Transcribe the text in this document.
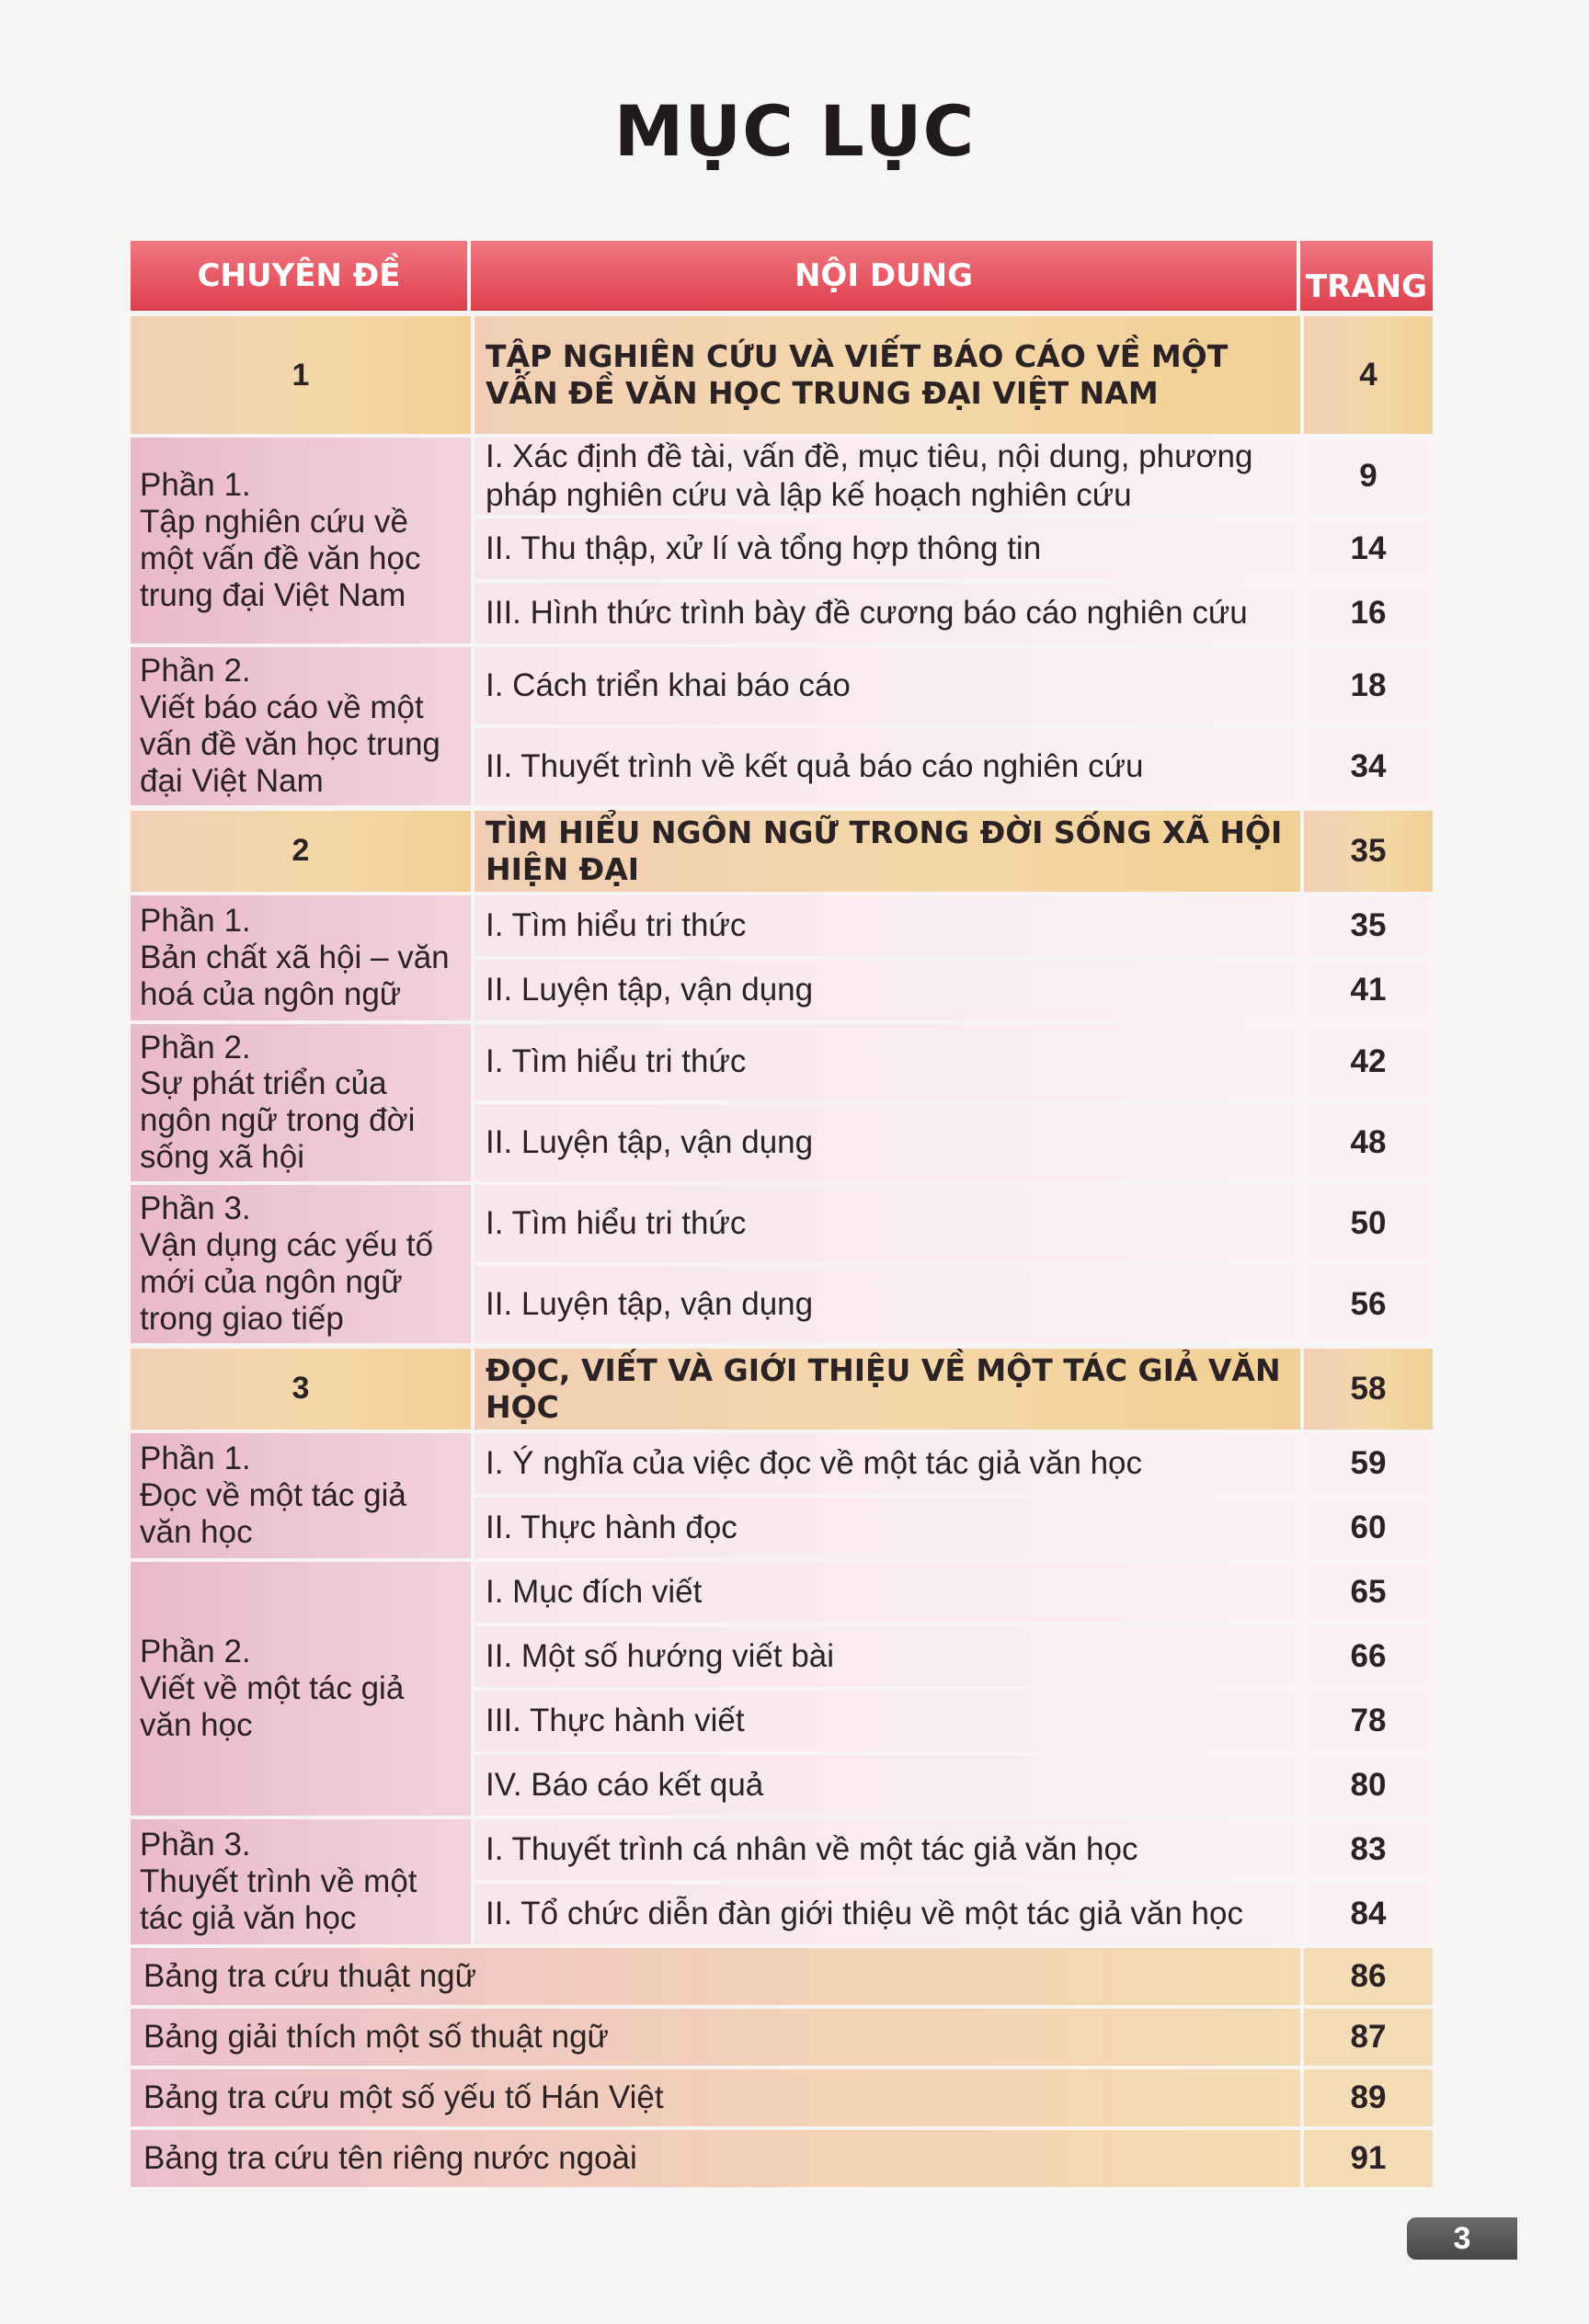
MỤC LỤC
CHUYÊN ĐỀ	NỘI DUNG	TRANG
1	TẬP NGHIÊN CỨU VÀ VIẾT BÁO CÁO VỀ MỘT VẤN ĐỀ VĂN HỌC TRUNG ĐẠI VIỆT NAM	4

Phần 1.
Tập nghiên cứu về một vấn đề văn học trung đại Việt Nam	I. Xác định đề tài, vấn đề, mục tiêu, nội dung, phương pháp nghiên cứu và lập kế hoạch nghiên cứu	9
	II. Thu thập, xử lí và tổng hợp thông tin	14
	III. Hình thức trình bày đề cương báo cáo nghiên cứu	16

Phần 2.
Viết báo cáo về một vấn đề văn học trung đại Việt Nam	I. Cách triển khai báo cáo	18
	II. Thuyết trình về kết quả báo cáo nghiên cứu	34
2	TÌM HIỂU NGÔN NGỮ TRONG ĐỜI SỐNG XÃ HỘI HIỆN ĐẠI	35

Phần 1.
Bản chất xã hội – văn hoá của ngôn ngữ	I. Tìm hiểu tri thức	35
	II. Luyện tập, vận dụng	41

Phần 2.
Sự phát triển của ngôn ngữ trong đời sống xã hội	I. Tìm hiểu tri thức	42
	II. Luyện tập, vận dụng	48

Phần 3.
Vận dụng các yếu tố mới của ngôn ngữ trong giao tiếp	I. Tìm hiểu tri thức	50
	II. Luyện tập, vận dụng	56
3	ĐỌC, VIẾT VÀ GIỚI THIỆU VỀ MỘT TÁC GIẢ VĂN HỌC	58

Phần 1.
Đọc về một tác giả văn học	I. Ý nghĩa của việc đọc về một tác giả văn học	59
	II. Thực hành đọc	60

Phần 2.
Viết về một tác giả văn học	I. Mục đích viết	65
	II. Một số hướng viết bài	66
	III. Thực hành viết	78
	IV. Báo cáo kết quả	80

Phần 3.
Thuyết trình về một tác giả văn học	I. Thuyết trình cá nhân về một tác giả văn học	83
	II. Tổ chức diễn đàn giới thiệu về một tác giả văn học	84
Bảng tra cứu thuật ngữ		86
Bảng giải thích một số thuật ngữ		87
Bảng tra cứu một số yếu tố Hán Việt		89
Bảng tra cứu tên riêng nước ngoài		91
3
